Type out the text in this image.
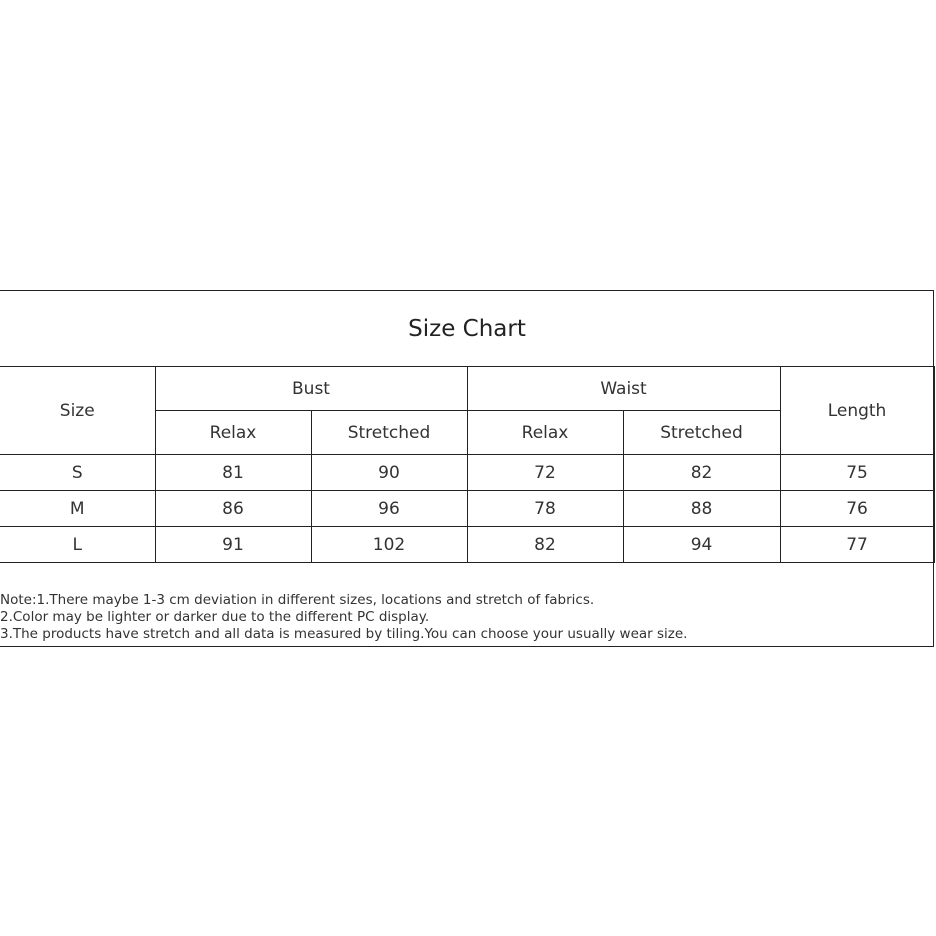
Size Chart
Size	Bust		Waist		Length
	Relax	Stretched	Relax	Stretched	
S	81	90	72	82	75
M	86	96	78	88	76
L	91	102	82	94	77
Note:1.There maybe 1-3 cm deviation in different sizes, locations and stretch of fabrics.
2.Color may be lighter or darker due to the different PC display.
3.The products have stretch and all data is measured by tiling.You can choose your usually wear size.
